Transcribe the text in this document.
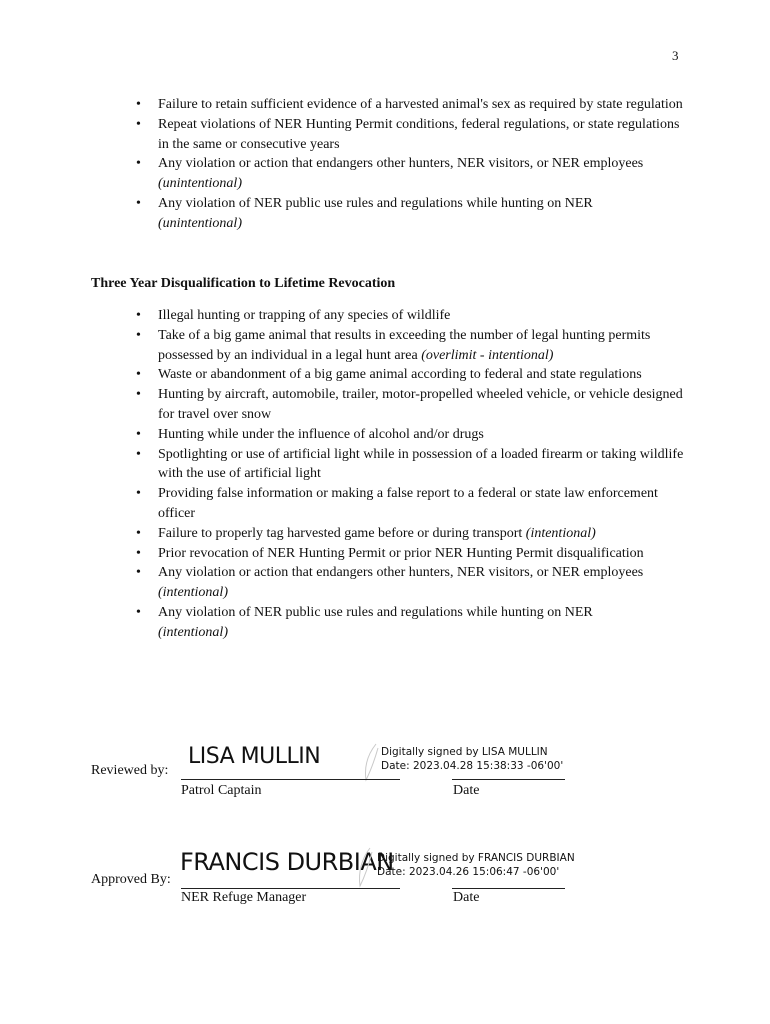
3
• Failure to retain sufficient evidence of a harvested animal's sex as required by state regulation
• Repeat violations of NER Hunting Permit conditions, federal regulations, or state regulations in the same or consecutive years
• Any violation or action that endangers other hunters, NER visitors, or NER employees (unintentional)
• Any violation of NER public use rules and regulations while hunting on NER
(unintentional)
Three Year Disqualification to Lifetime Revocation
• Illegal hunting or trapping of any species of wildlife
• Take of a big game animal that results in exceeding the number of legal hunting permits possessed by an individual in a legal hunt area (overlimit - intentional)
• Waste or abandonment of a big game animal according to federal and state regulations
• Hunting by aircraft, automobile, trailer, motor-propelled wheeled vehicle, or vehicle designed for travel over snow
• Hunting while under the influence of alcohol and/or drugs
• Spotlighting or use of artificial light while in possession of a loaded firearm or taking wildlife with the use of artificial light
• Providing false information or making a false report to a federal or state law enforcement officer
• Failure to properly tag harvested game before or during transport (intentional)
• Prior revocation of NER Hunting Permit or prior NER Hunting Permit disqualification
• Any violation or action that endangers other hunters, NER visitors, or NER employees (intentional)
• Any violation of NER public use rules and regulations while hunting on NER
(intentional)
Reviewed by:
LISA MULLIN	Digitally signed by LISA MULLIN
Date: 2023.04.28 15:38:33 -06'00'
Patrol Captain	Date
Approved By:
FRANCIS DURBIAN
Digitally signed by FRANCIS DURBIAN
Date: 2023.04.26 15:06:47 -06'00'
NER Refuge Manager	Date
